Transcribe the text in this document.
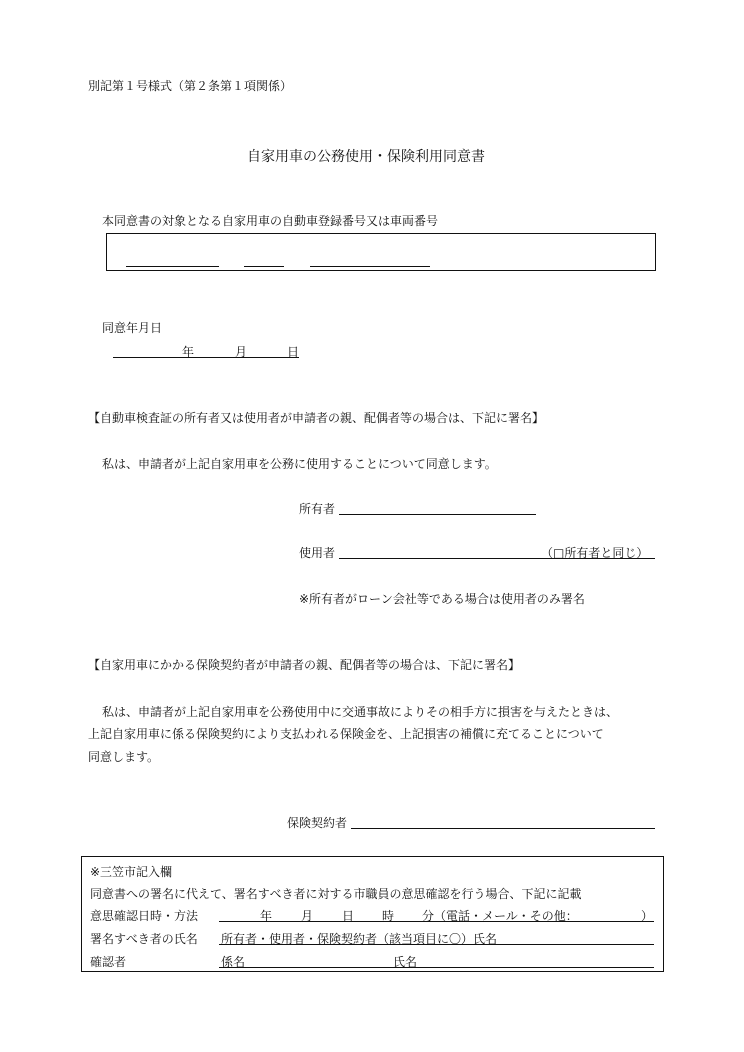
別記第１号様式（第２条第１項関係）
自家用車の公務使用・保険利用同意書
本同意書の対象となる自家用車の自動車登録番号又は車両番号
同意年月日
年	月	日
【自動車検査証の所有者又は使用者が申請者の親、配偶者等の場合は、下記に署名】
私は、申請者が上記自家用車を公務に使用することについて同意します。
所有者
使用者	（□所有者と同じ）
※所有者がローン会社等である場合は使用者のみ署名
【自家用車にかかる保険契約者が申請者の親、配偶者等の場合は、下記に署名】
私は、申請者が上記自家用車を公務使用中に交通事故によりその相手方に損害を与えたときは、
上記自家用車に係る保険契約により支払われる保険金を、上記損害の補償に充てることについて
同意します。
保険契約者
※三笠市記入欄
同意書への署名に代えて、署名すべき者に対する市職員の意思確認を行う場合、下記に記載
意思確認日時・方法	年 月 日 時 分（電話・メール・その他：	）
署名すべき者の氏名 所有者・使用者・保険契約者（該当項目に〇）氏名
確認者	係名	氏名
